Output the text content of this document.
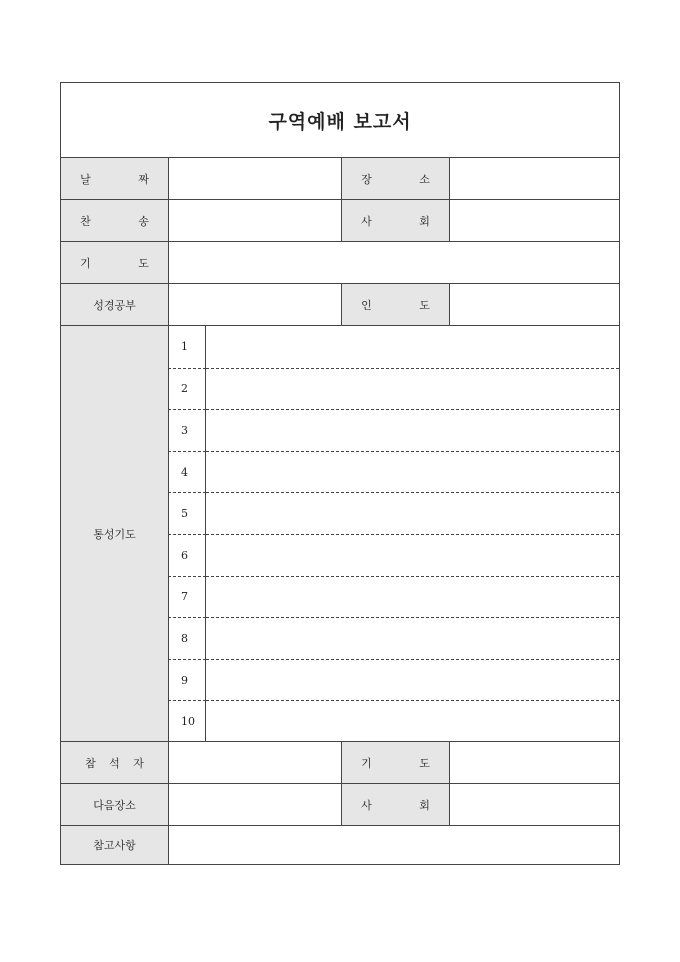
구역예배 보고서
날 짜	장 소
찬 송	사 회
기 도
성경공부	인 도
통성기도
1
2
3
4
5
6
7
8
9
10
참 석 자	기 도
다음장소	사 회
참고사항
